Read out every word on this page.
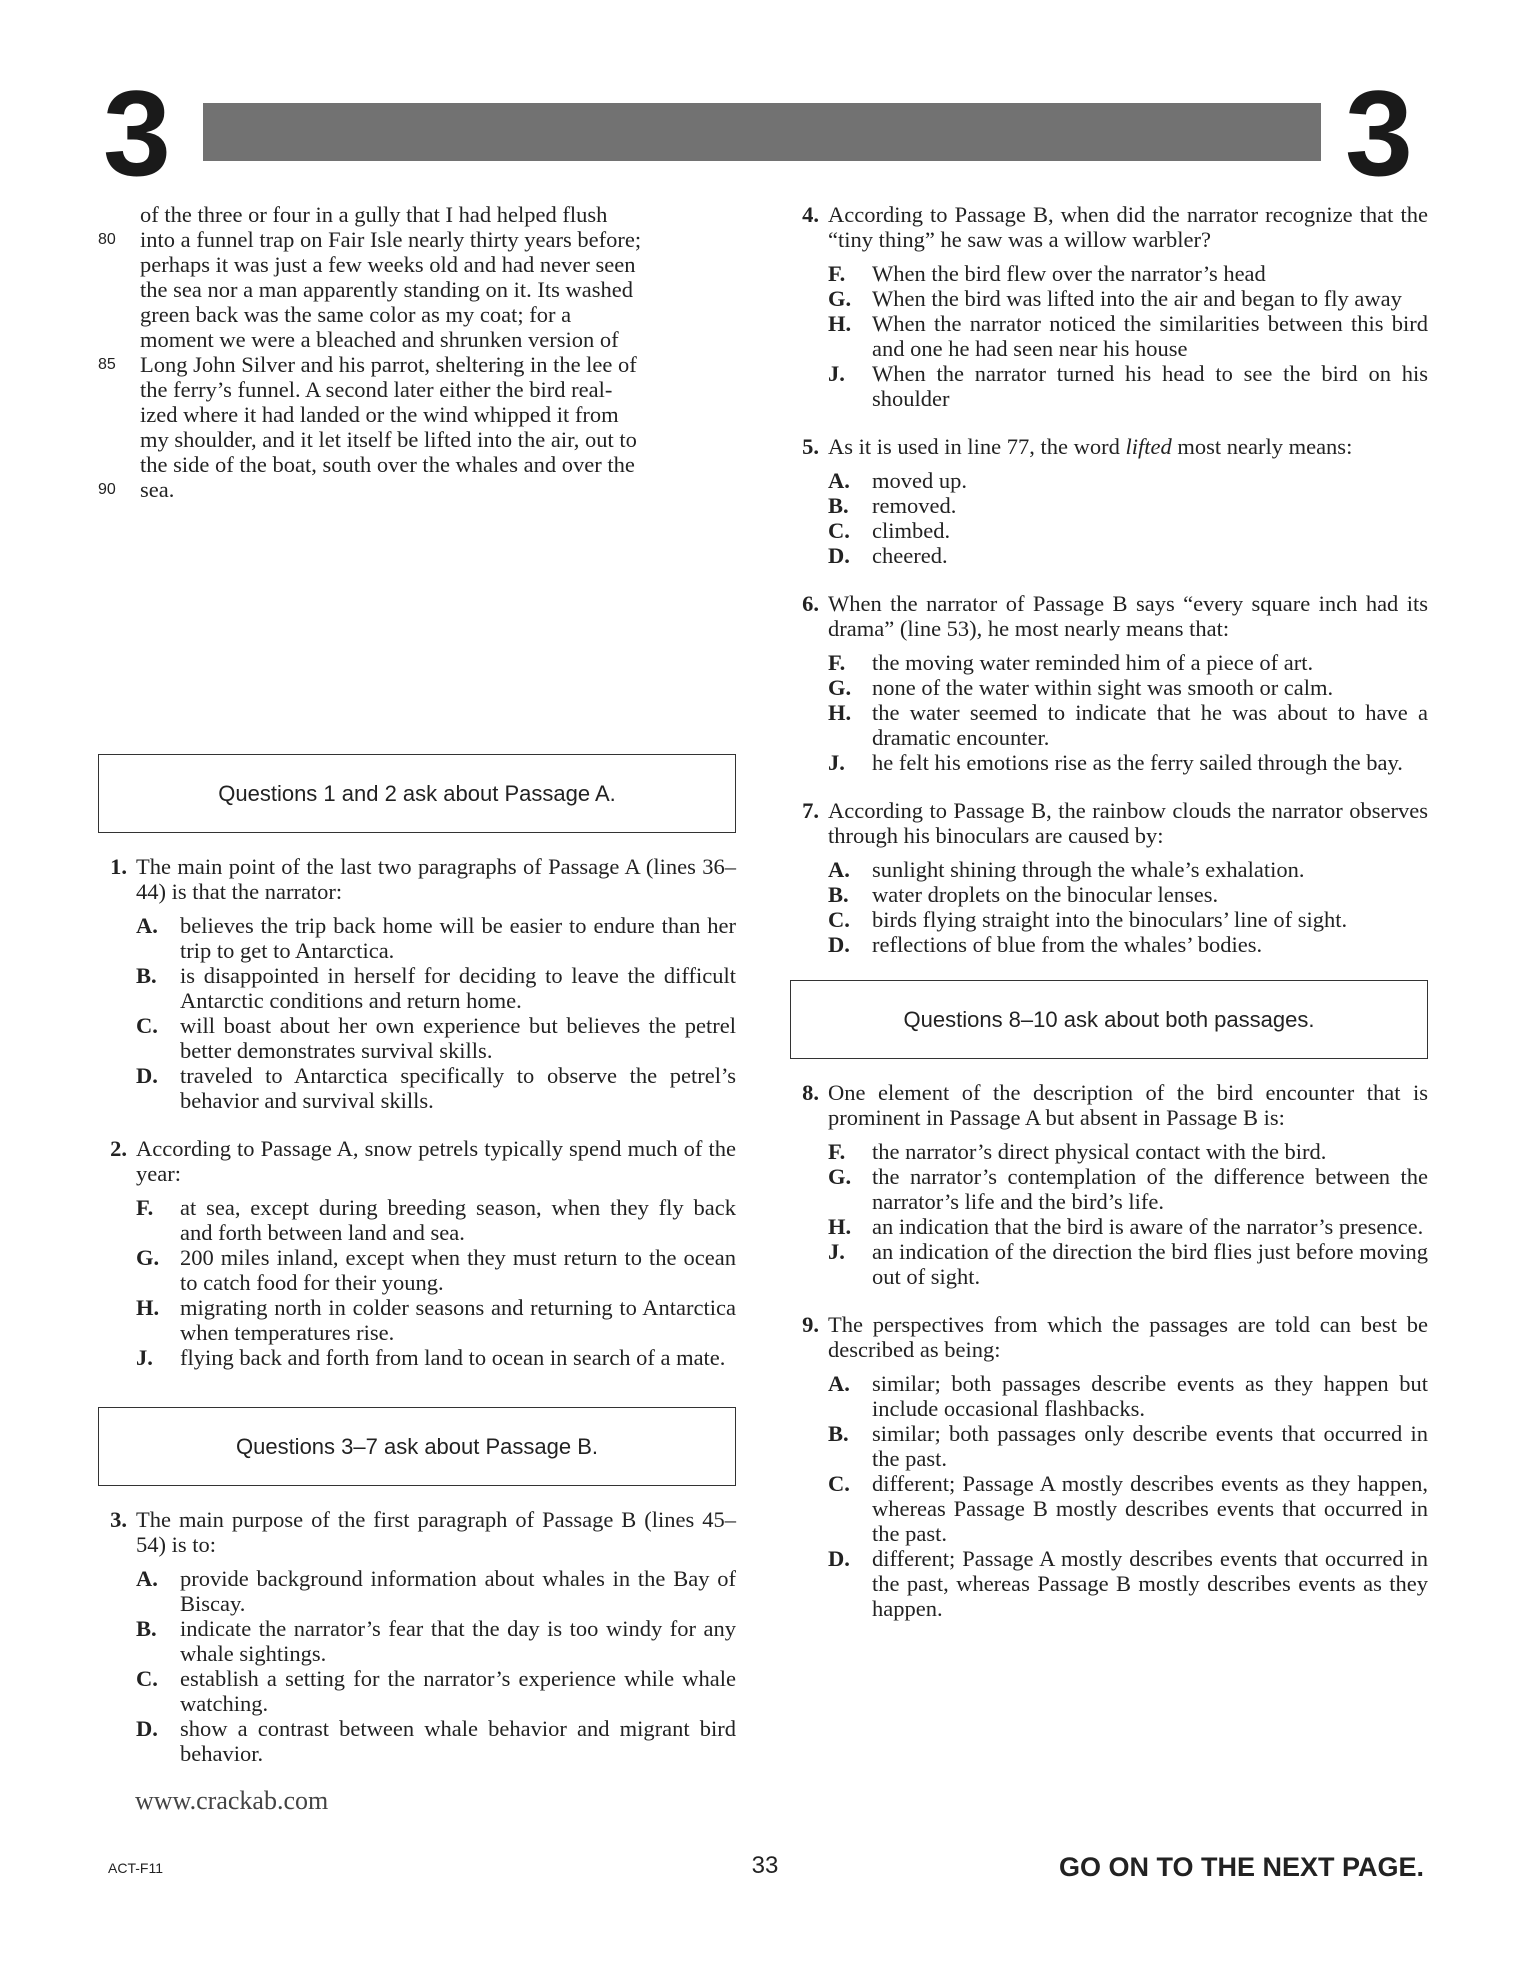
3	3
of the three or four in a gully that I had helped flush
80	into a funnel trap on Fair Isle nearly thirty years before;
perhaps it was just a few weeks old and had never seen
the sea nor a man apparently standing on it. Its washed
green back was the same color as my coat; for a
moment we were a bleached and shrunken version of
85	Long John Silver and his parrot, sheltering in the lee of
the ferry’s funnel. A second later either the bird real-
ized where it had landed or the wind whipped it from
my shoulder, and it let itself be lifted into the air, out to
the side of the boat, south over the whales and over the
90	sea.
Questions 1 and 2 ask about Passage A.
1. The main point of the last two paragraphs of Passage A (lines 36–44) is that the narrator:
A. believes the trip back home will be easier to endure than her trip to get to Antarctica.
B.	is disappointed in herself for deciding to leave the difficult Antarctic conditions and return home.
C. will boast about her own experience but believes the petrel better demonstrates survival skills.
D. traveled to Antarctica specifically to observe the petrel’s behavior and survival skills.
2. According to Passage A, snow petrels typically spend much of the year:
F.	at sea, except during breeding season, when they fly back and forth between land and sea.
G. 200 miles inland, except when they must return to the ocean to catch food for their young.
H. migrating north in colder seasons and returning to Antarctica when temperatures rise.
J.	flying back and forth from land to ocean in search of a mate.
Questions 3–7 ask about Passage B.
3. The main purpose of the first paragraph of Passage B (lines 45–54) is to:
A. provide background information about whales in the Bay of Biscay.
B.	indicate the narrator’s fear that the day is too windy for any whale sightings.
C. establish a setting for the narrator’s experience while whale watching.
D. show a contrast between whale behavior and migrant bird behavior.
4. According to Passage B, when did the narrator recognize that the “tiny thing” he saw was a willow warbler?
F.	When the bird flew over the narrator’s head
G. When the bird was lifted into the air and began to fly away
H. When the narrator noticed the similarities between this bird and one he had seen near his house
J.	When the narrator turned his head to see the bird on his shoulder
5. As it is used in line 77, the word lifted most nearly means:
A. moved up.
B.	removed.
C. climbed.
D. cheered.
6. When the narrator of Passage B says “every square inch had its drama” (line 53), he most nearly means that:
F.	the moving water reminded him of a piece of art.
G. none of the water within sight was smooth or calm.
H. the water seemed to indicate that he was about to have a dramatic encounter.
J.	he felt his emotions rise as the ferry sailed through the bay.
7. According to Passage B, the rainbow clouds the narrator observes through his binoculars are caused by:
A. sunlight shining through the whale’s exhalation.
B.	water droplets on the binocular lenses.
C. birds flying straight into the binoculars’ line of sight.
D. reflections of blue from the whales’ bodies.
Questions 8–10 ask about both passages.
8. One element of the description of the bird encounter that is prominent in Passage A but absent in Passage B is:
F.	the narrator’s direct physical contact with the bird.
G. the narrator’s contemplation of the difference between the narrator’s life and the bird’s life.
H. an indication that the bird is aware of the narrator’s presence.
J.	an indication of the direction the bird flies just before moving out of sight.
9. The perspectives from which the passages are told can best be described as being:
A. similar; both passages describe events as they happen but include occasional flashbacks.
B.	similar; both passages only describe events that occurred in the past.
C. different; Passage A mostly describes events as they happen, whereas Passage B mostly describes events that occurred in the past.
D. different; Passage A mostly describes events that occurred in the past, whereas Passage B mostly describes events as they happen.
www.crackab.com
ACT-F11	33	GO ON TO THE NEXT PAGE.
